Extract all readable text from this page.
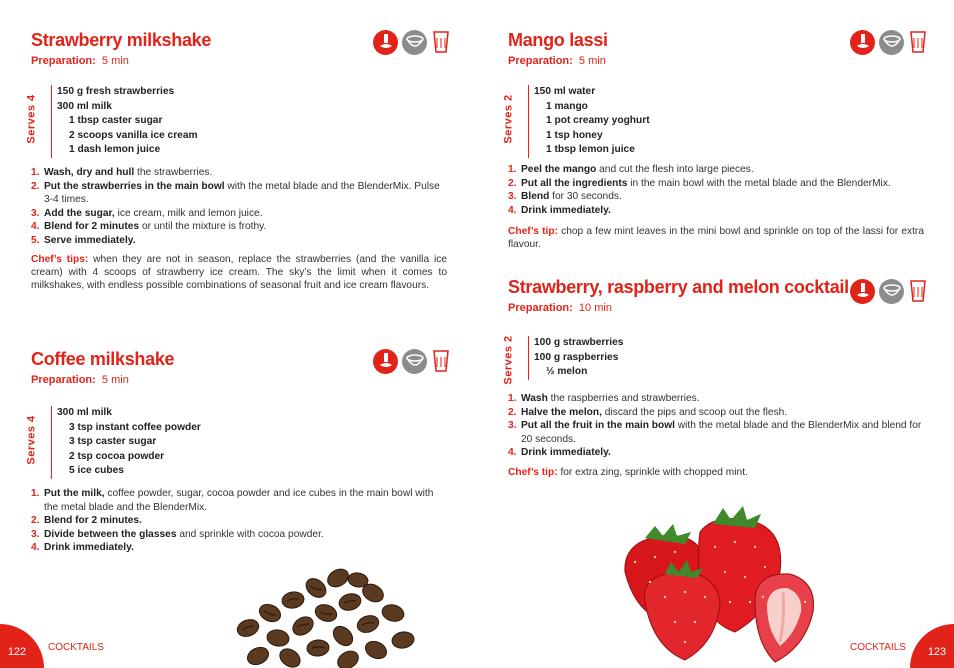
Strawberry milkshake
Preparation: 5 min
Serves 4
150 g fresh strawberries
300 ml milk
1 tbsp caster sugar
2 scoops vanilla ice cream
1 dash lemon juice
1. Wash, dry and hull the strawberries.
2. Put the strawberries in the main bowl with the metal blade and the BlenderMix. Pulse 3-4 times.
3. Add the sugar, ice cream, milk and lemon juice.
4. Blend for 2 minutes or until the mixture is frothy.
5. Serve immediately.
Chef’s tips: when they are not in season, replace the strawberries (and the vanilla ice cream) with 4 scoops of strawberry ice cream. The sky’s the limit when it comes to milkshakes, with endless possible combinations of seasonal fruit and ice cream flavours.
Coffee milkshake
Preparation: 5 min
Serves 4
300 ml milk
3 tsp instant coffee powder
3 tsp caster sugar
2 tsp cocoa powder
5 ice cubes
1. Put the milk, coffee powder, sugar, cocoa powder and ice cubes in the main bowl with the metal blade and the BlenderMix.
2. Blend for 2 minutes.
3. Divide between the glasses and sprinkle with cocoa powder.
4. Drink immediately.
122 COCKTAILS
Mango lassi
Preparation: 5 min
Serves 2
150 ml water
1 mango
1 pot creamy yoghurt
1 tsp honey
1 tbsp lemon juice
1. Peel the mango and cut the flesh into large pieces.
2. Put all the ingredients in the main bowl with the metal blade and the BlenderMix.
3. Blend for 30 seconds.
4. Drink immediately.
Chef’s tip: chop a few mint leaves in the mini bowl and sprinkle on top of the lassi for extra flavour.
Strawberry, raspberry and melon cocktail
Preparation: 10 min
Serves 2 100 g strawberries
100 g raspberries
½ melon
1. Wash the raspberries and strawberries.
2. Halve the melon, discard the pips and scoop out the flesh.
3. Put all the fruit in the main bowl with the metal blade and the BlenderMix and blend for 20 seconds.
4. Drink immediately.
Chef’s tip: for extra zing, sprinkle with chopped mint.
123
COCKTAILS
